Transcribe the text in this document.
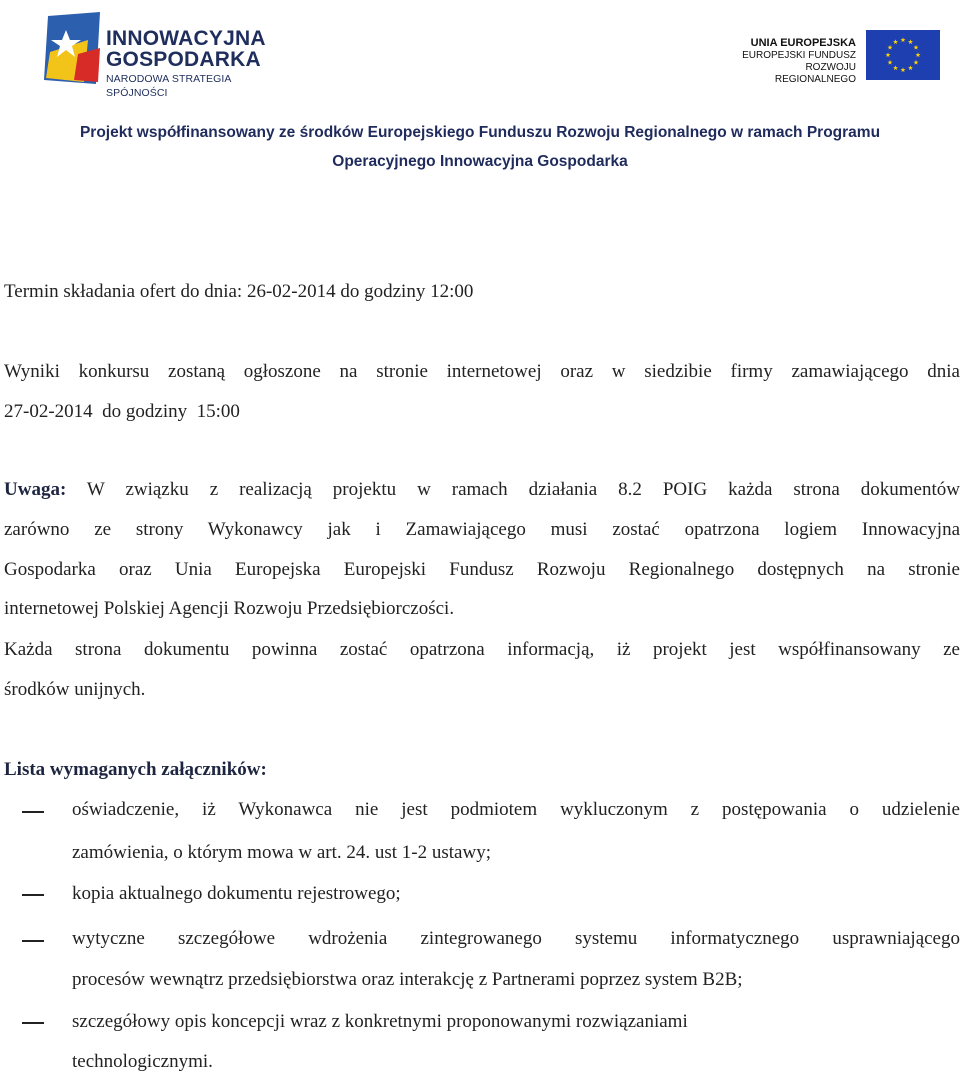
INNOWACYJNA
GOSPODARKA
NARODOWA STRATEGIA SPÓJNOŚCI
UNIA EUROPEJSKA
EUROPEJSKI FUNDUSZ
ROZWOJU REGIONALNEGO
Projekt współfinansowany ze środków Europejskiego Funduszu Rozwoju Regionalnego w ramach Programu
Operacyjnego Innowacyjna Gospodarka
Termin składania ofert do dnia: 26-02-2014 do godziny 12:00
Wyniki konkursu zostaną ogłoszone na stronie internetowej oraz w siedzibie firmy zamawiającego dnia
27-02-2014  do godziny  15:00
Uwaga: W związku z realizacją projektu w ramach działania 8.2 POIG każda strona dokumentów
zarówno ze strony Wykonawcy jak i Zamawiającego musi zostać opatrzona logiem Innowacyjna
Gospodarka oraz Unia Europejska Europejski Fundusz Rozwoju Regionalnego dostępnych na stronie
internetowej Polskiej Agencji Rozwoju Przedsiębiorczości.
Każda strona dokumentu powinna zostać opatrzona informacją, iż projekt jest współfinansowany ze
środków unijnych.
Lista wymaganych załączników:
oświadczenie, iż Wykonawca nie jest podmiotem wykluczonym z postępowania o udzielenie
zamówienia, o którym mowa w art. 24. ust 1-2 ustawy;
kopia aktualnego dokumentu rejestrowego;
wytyczne szczegółowe wdrożenia zintegrowanego systemu informatycznego usprawniającego
procesów wewnątrz przedsiębiorstwa oraz interakcję z Partnerami poprzez system B2B;
szczegółowy opis koncepcji wraz z konkretnymi proponowanymi rozwiązaniami
technologicznymi.
